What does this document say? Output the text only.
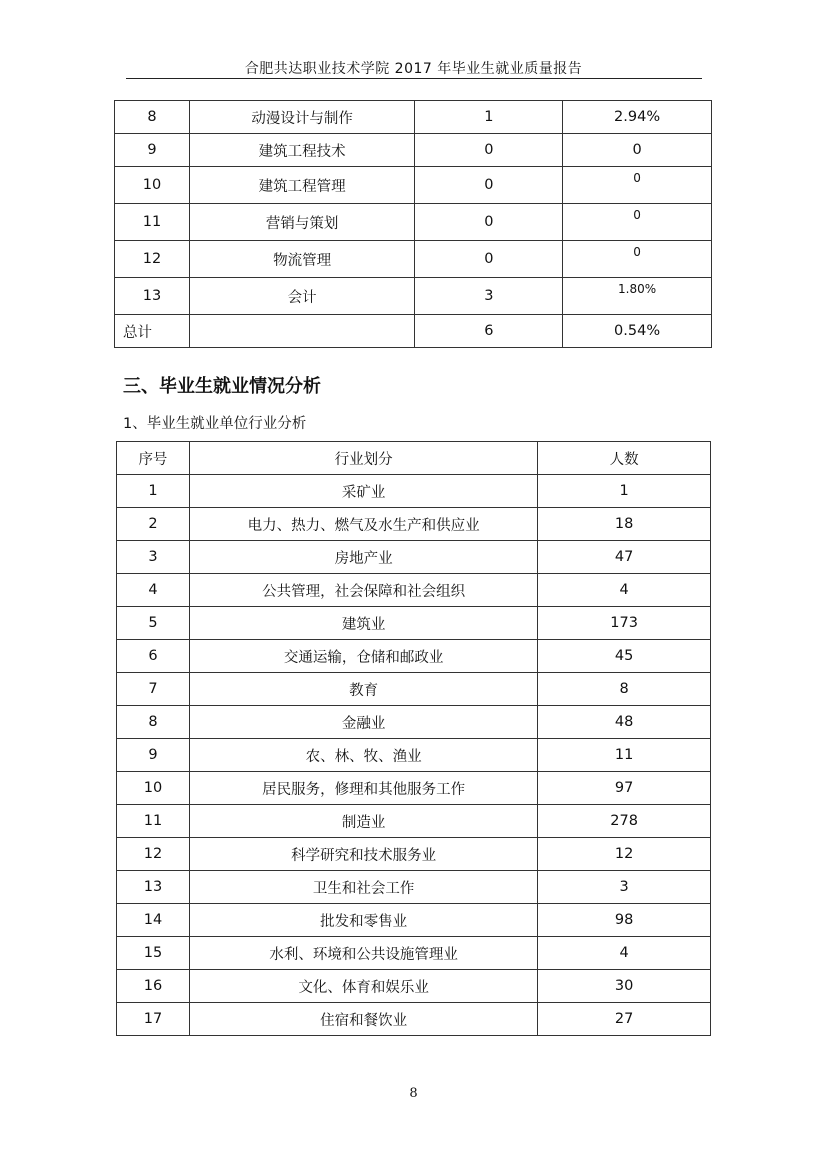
合肥共达职业技术学院 2017 年毕业生就业质量报告
8	动漫设计与制作	1	2.94%
9	建筑工程技术	0	0
10	建筑工程管理	0	0
11	营销与策划	0	0
12	物流管理	0	0
13	会计	3	1.80%
总计		6	0.54%
三、毕业生就业情况分析
1、毕业生就业单位行业分析
序号	行业划分	人数
1	采矿业	1
2	电力、热力、燃气及水生产和供应业	18
3	房地产业	47
4	公共管理，社会保障和社会组织	4
5	建筑业	173
6	交通运输，仓储和邮政业	45
7	教育	8
8	金融业	48
9	农、林、牧、渔业	11
10	居民服务，修理和其他服务工作	97
11	制造业	278
12	科学研究和技术服务业	12
13	卫生和社会工作	3
14	批发和零售业	98
15	水利、环境和公共设施管理业	4
16	文化、体育和娱乐业	30
17	住宿和餐饮业	27
8
